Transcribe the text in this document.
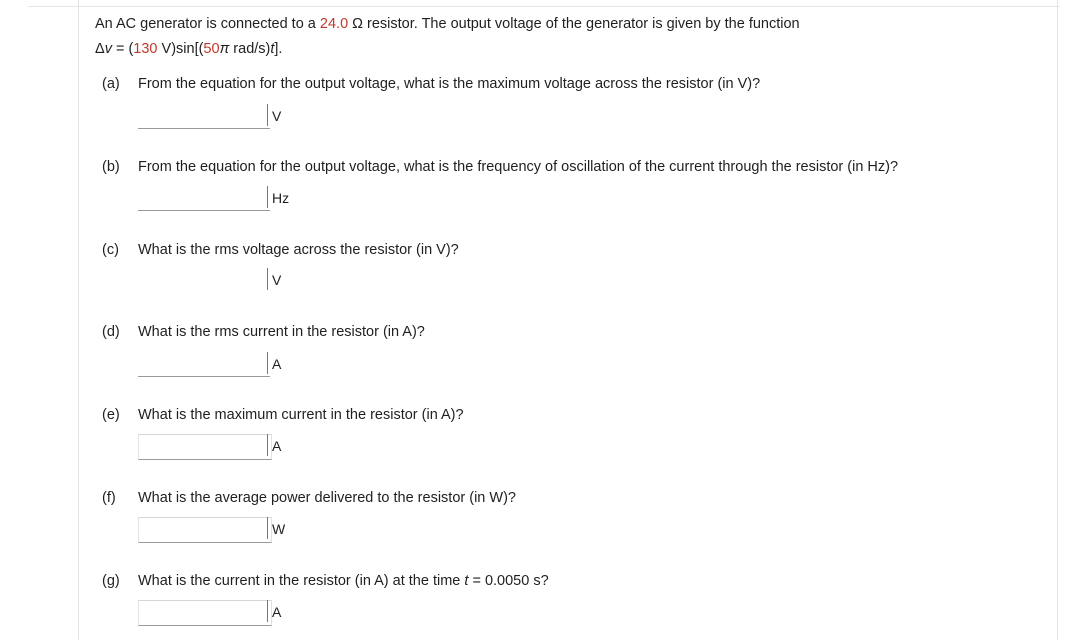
An AC generator is connected to a 24.0 Ω resistor. The output voltage of the generator is given by the function
Δv = (130 V)sin[(50π rad/s)t].
(a) From the equation for the output voltage, what is the maximum voltage across the resistor (in V)?
V
(b) From the equation for the output voltage, what is the frequency of oscillation of the current through the resistor (in Hz)?
Hz
(c) What is the rms voltage across the resistor (in V)?
V
(d) What is the rms current in the resistor (in A)?
A
(e) What is the maximum current in the resistor (in A)?
A
(f) What is the average power delivered to the resistor (in W)?
W
(g) What is the current in the resistor (in A) at the time t = 0.0050 s?
A
